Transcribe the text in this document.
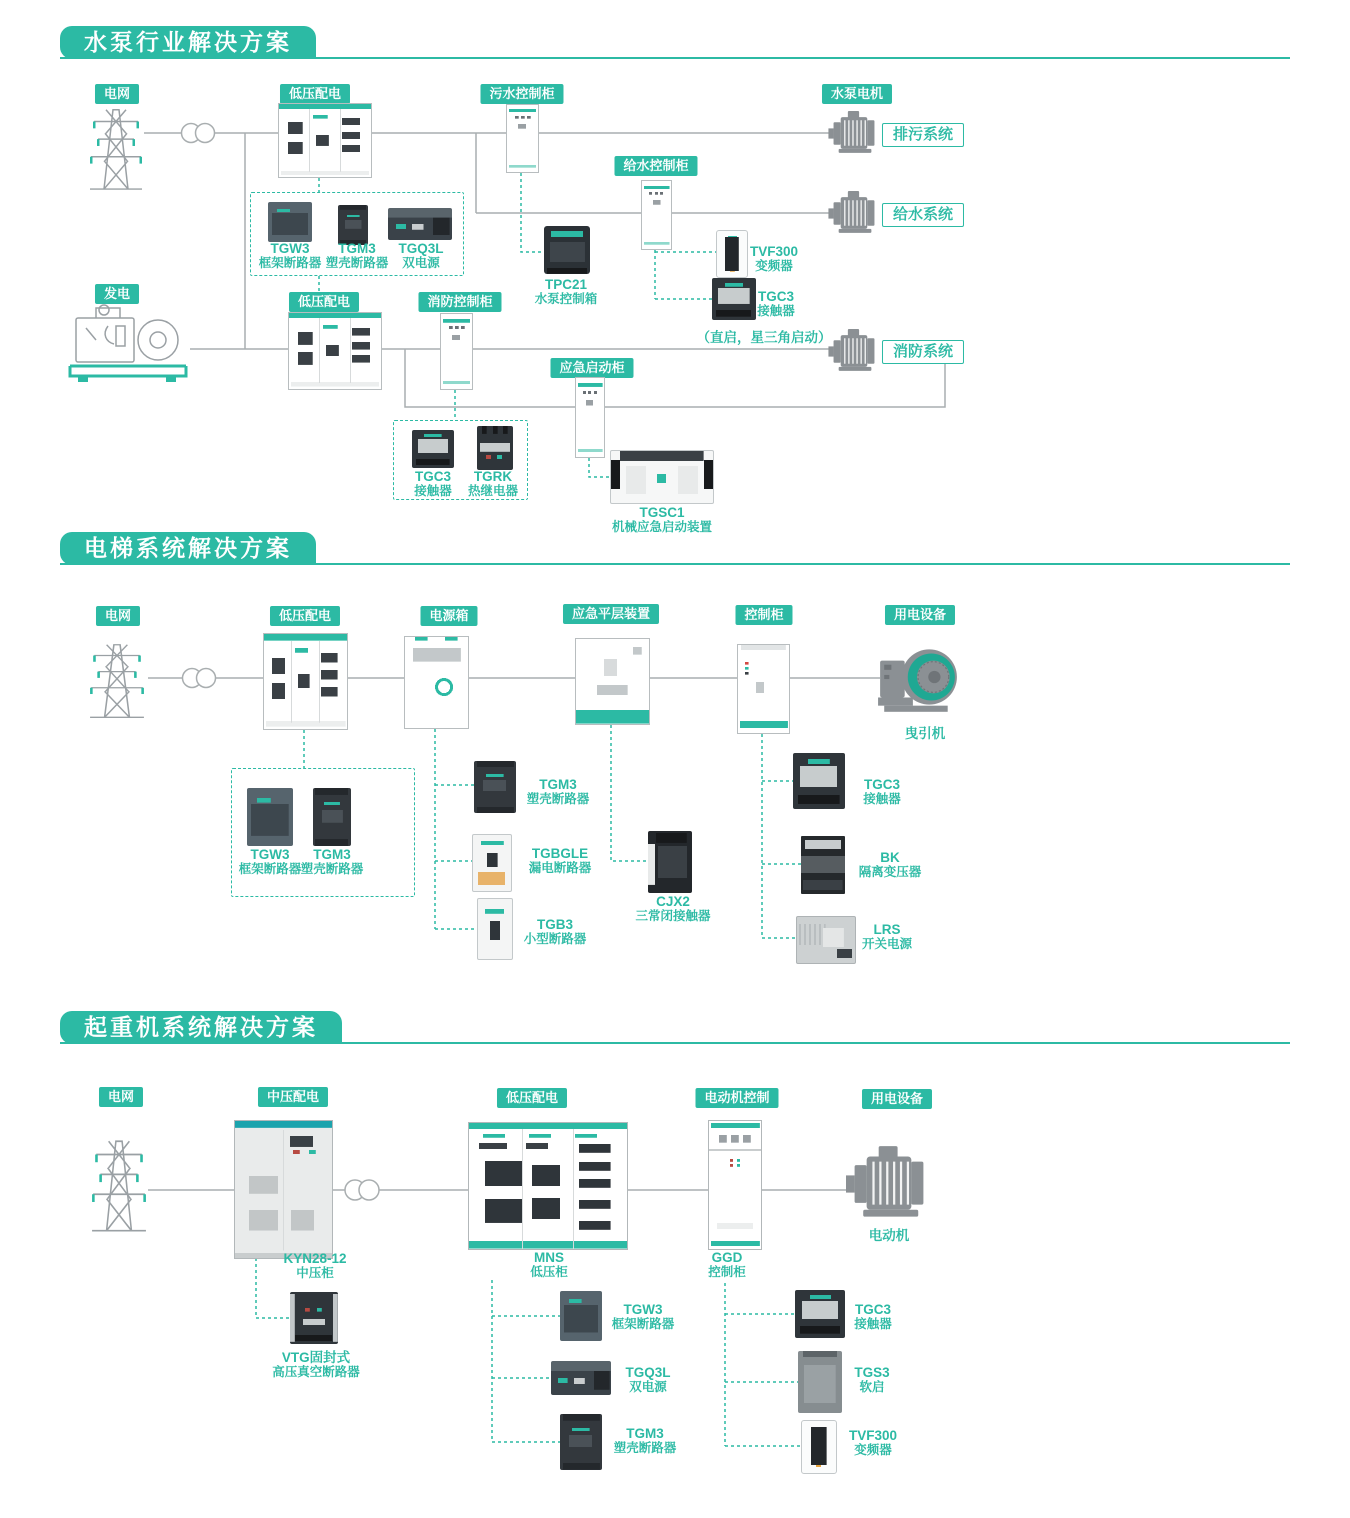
水泵行业解决方案
电网	低压配电	污水控制柜	水泵电机
给水控制柜
发电
低压配电	消防控制柜
应急启动柜
排污系统
给水系统
消防系统
（直启，星三角启动）
TGW3
框架断路器
TGM3
塑壳断路器
TGQ3L
双电源
TPC21
水泵控制箱
TVF300
变频器
TGC3
接触器
TGC3
接触器
TGRK
热继电器
TGSC1
机械应急启动装置
电梯系统解决方案
电网	低压配电	电源箱	应急平层装置	控制柜	用电设备
曳引机
TGW3
框架断路器
TGM3
塑壳断路器
TGM3
塑壳断路器
TGBGLE
漏电断路器
TGB3
小型断路器
CJX2
三常闭接触器
TGC3
接触器
BK
隔离变压器
LRS
开关电源
起重机系统解决方案
电网	中压配电	低压配电	电动机控制	用电设备
电动机
KYN28-12
中压柜
VTG固封式
高压真空断路器
MNS
低压柜
GGD
控制柜
TGW3
框架断路器
TGQ3L
双电源
TGM3
塑壳断路器
TGC3
接触器
TGS3
软启
TVF300
变频器
